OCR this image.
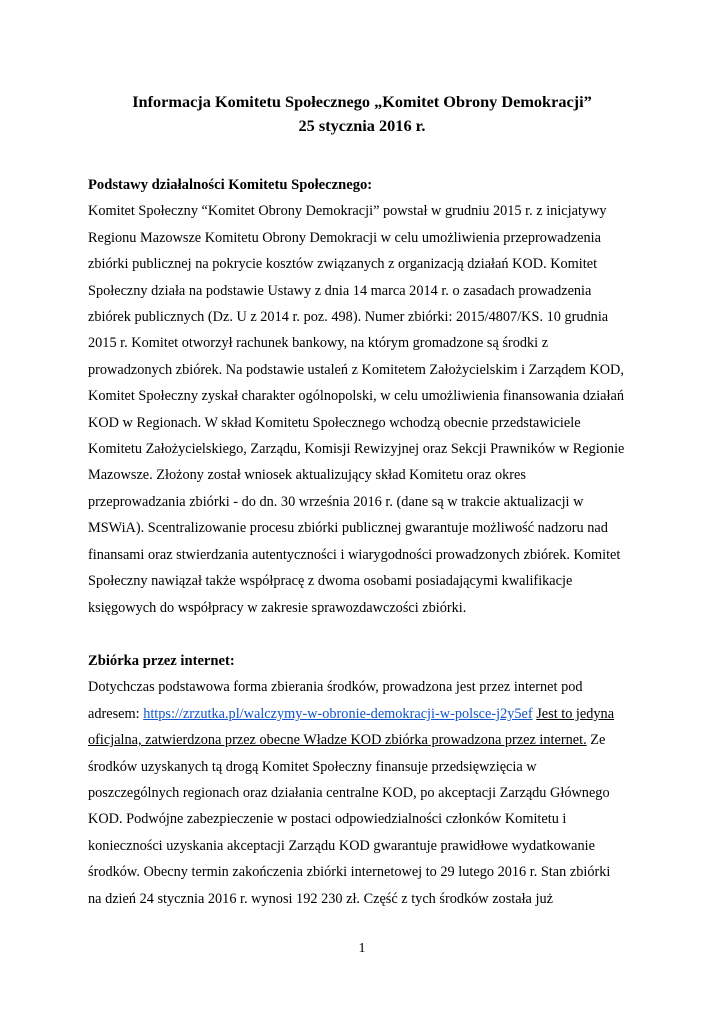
Informacja Komitetu Społecznego „Komitet Obrony Demokracji”
25 stycznia 2016 r.
Podstawy działalności Komitetu Społecznego:
Komitet Społeczny “Komitet Obrony Demokracji” powstał w grudniu 2015 r. z inicjatywy
Regionu Mazowsze Komitetu Obrony Demokracji w celu umożliwienia przeprowadzenia
zbiórki publicznej na pokrycie kosztów związanych z organizacją działań KOD. Komitet
Społeczny działa na podstawie Ustawy z dnia 14 marca 2014 r. o zasadach prowadzenia
zbiórek publicznych (Dz. U z 2014 r. poz. 498). Numer zbiórki: 2015/4807/KS. 10 grudnia
2015 r. Komitet otworzył rachunek bankowy, na którym gromadzone są środki z
prowadzonych zbiórek. Na podstawie ustaleń z Komitetem Założycielskim i Zarządem KOD,
Komitet Społeczny zyskał charakter ogólnopolski, w celu umożliwienia finansowania działań
KOD w Regionach. W skład Komitetu Społecznego wchodzą obecnie przedstawiciele
Komitetu Założycielskiego, Zarządu, Komisji Rewizyjnej oraz Sekcji Prawników w Regionie
Mazowsze. Złożony został wniosek aktualizujący skład Komitetu oraz okres
przeprowadzania zbiórki - do dn. 30 września 2016 r. (dane są w trakcie aktualizacji w
MSWiA). Scentralizowanie procesu zbiórki publicznej gwarantuje możliwość nadzoru nad
finansami oraz stwierdzania autentyczności i wiarygodności prowadzonych zbiórek. Komitet
Społeczny nawiązał także współpracę z dwoma osobami posiadającymi kwalifikacje
księgowych do współpracy w zakresie sprawozdawczości zbiórki.
Zbiórka przez internet:
Dotychczas podstawowa forma zbierania środków, prowadzona jest przez internet pod
adresem: https://zrzutka.pl/walczymy-w-obronie-demokracji-w-polsce-j2y5ef Jest to jedyna
oficjalna, zatwierdzona przez obecne Władze KOD zbiórka prowadzona przez internet. Ze
środków uzyskanych tą drogą Komitet Społeczny finansuje przedsięwzięcia w
poszczególnych regionach oraz działania centralne KOD, po akceptacji Zarządu Głównego
KOD. Podwójne zabezpieczenie w postaci odpowiedzialności członków Komitetu i
konieczności uzyskania akceptacji Zarządu KOD gwarantuje prawidłowe wydatkowanie
środków. Obecny termin zakończenia zbiórki internetowej to 29 lutego 2016 r. Stan zbiórki
na dzień 24 stycznia 2016 r. wynosi 192 230 zł. Część z tych środków została już
1
